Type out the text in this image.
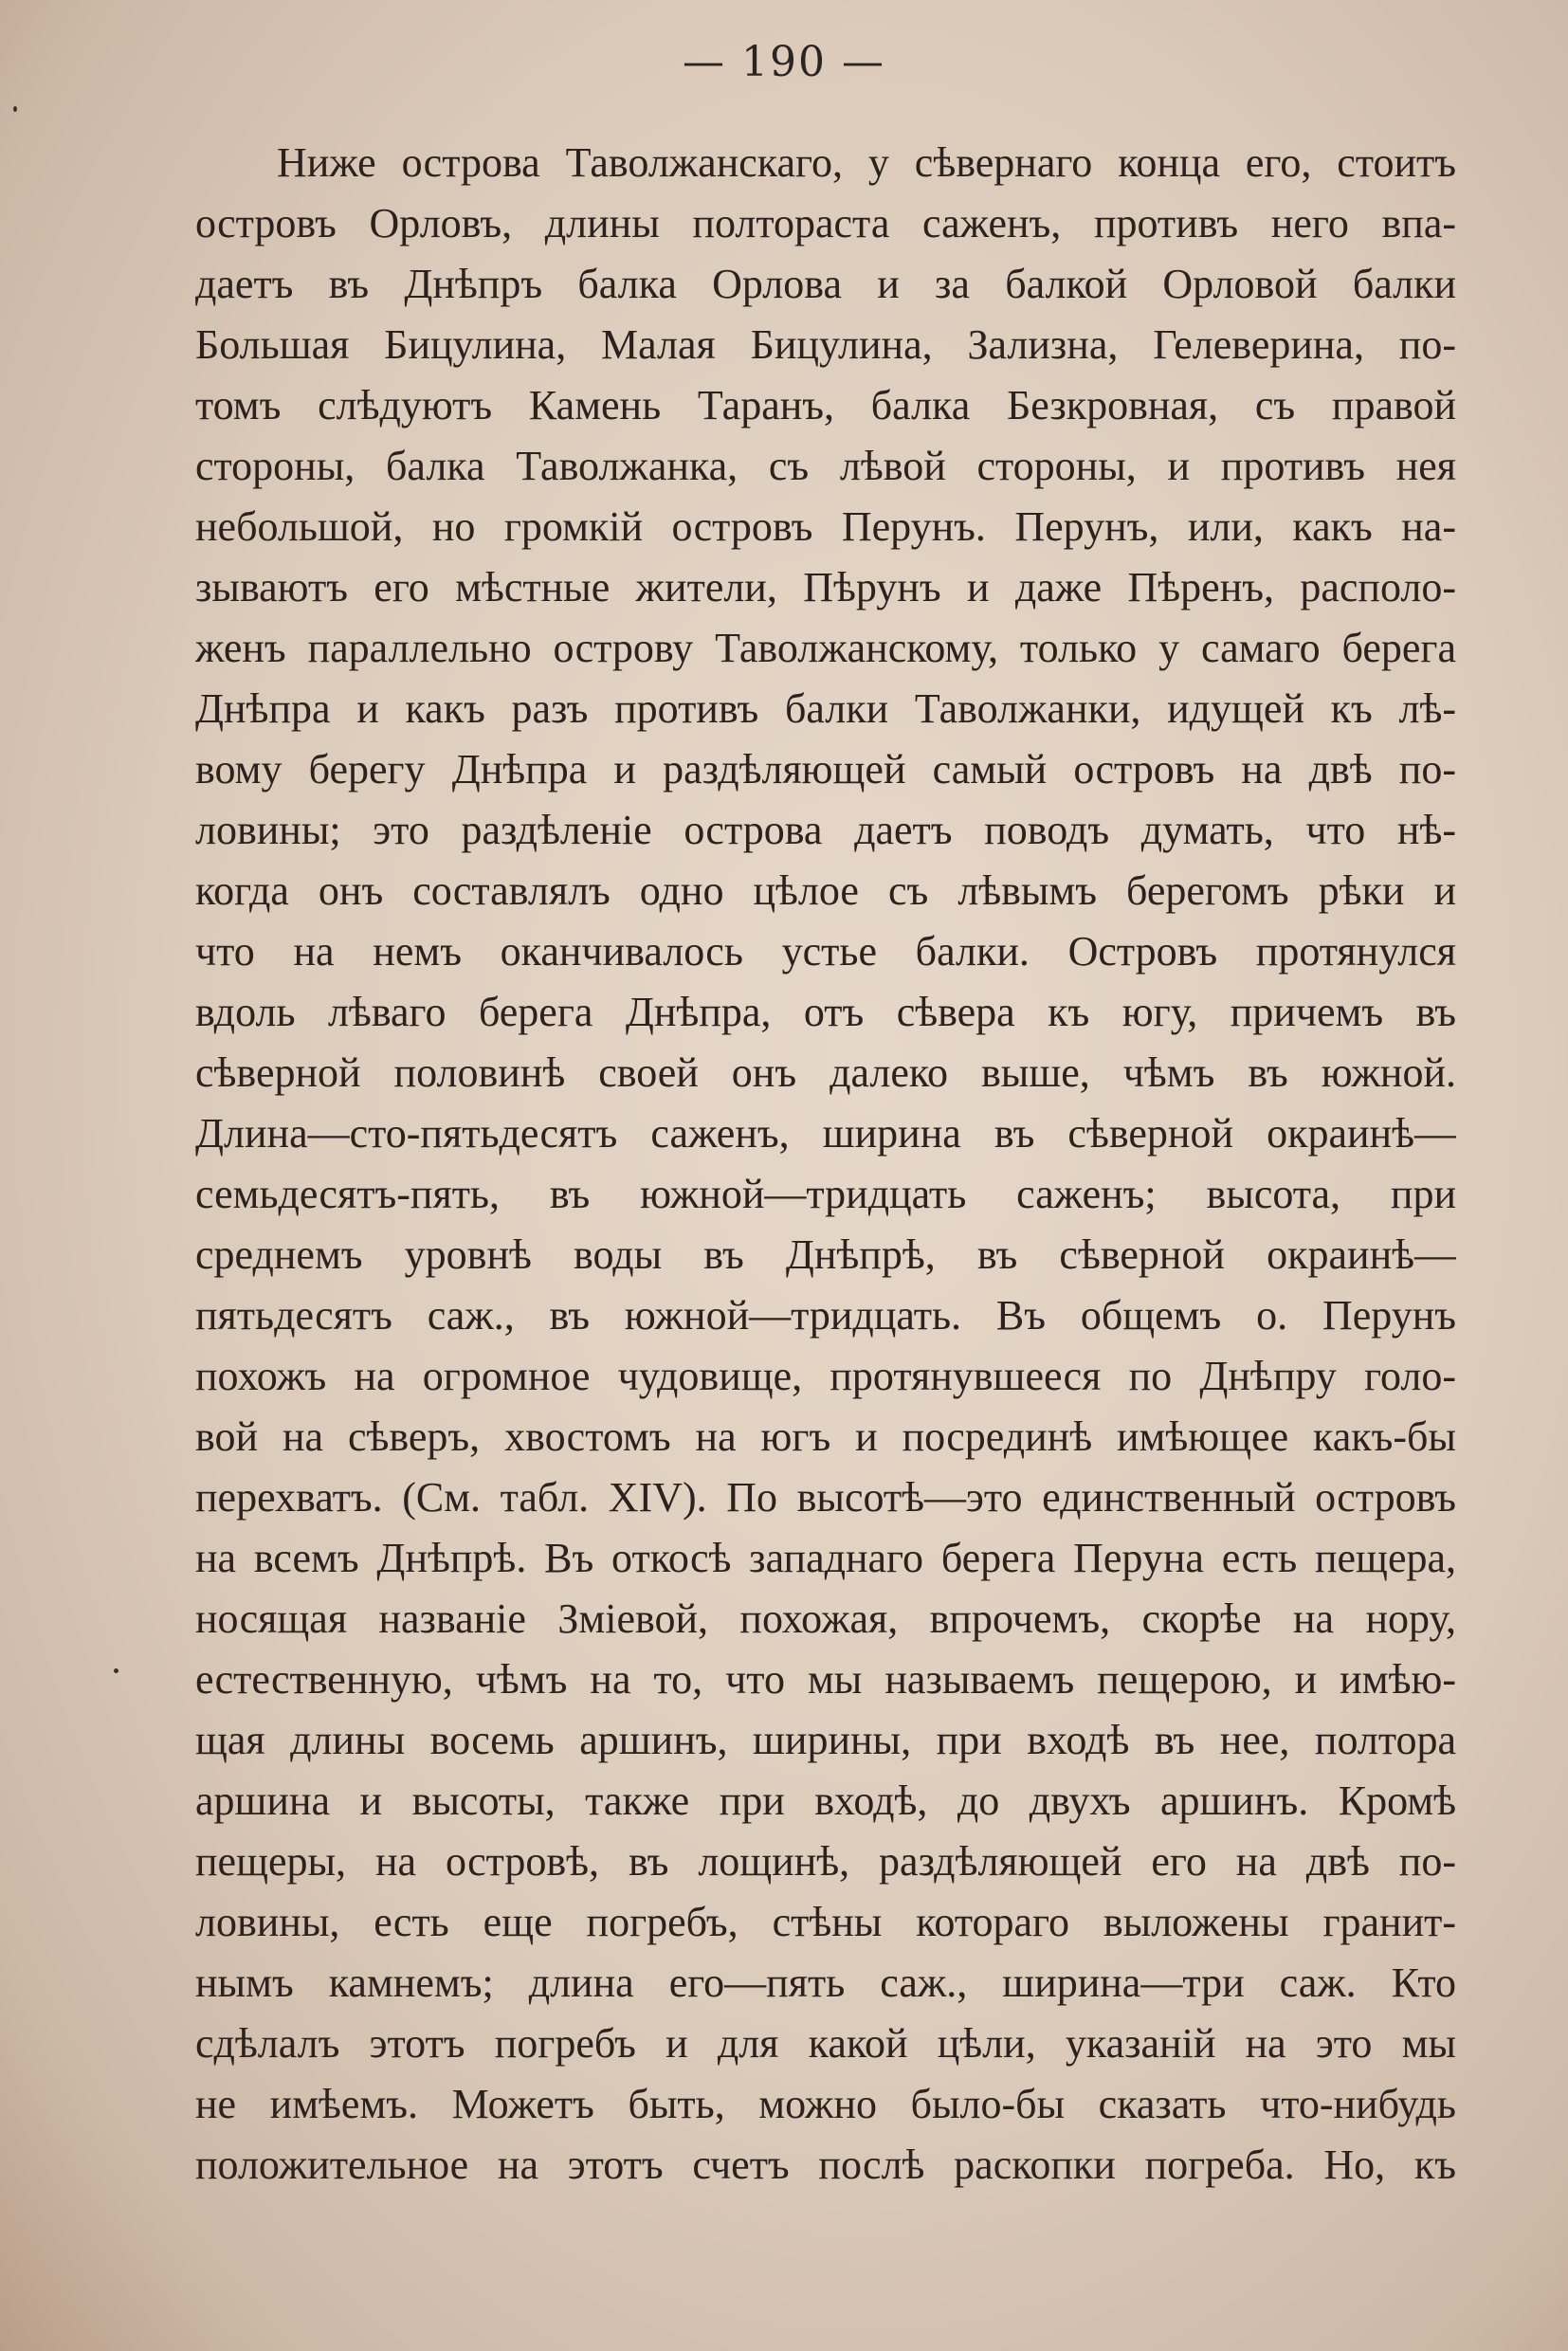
— 190 —
Ниже острова Таволжанскаго, у сѣвернаго конца его, стоитъ
островъ Орловъ, длины полтораста саженъ, противъ него впа-
даетъ въ Днѣпръ балка Орлова и за балкой Орловой балки
Большая Бицулина, Малая Бицулина, Зализна, Гелеверина, по-
томъ слѣдуютъ Камень Таранъ, балка Безкровная, съ правой
стороны, балка Таволжанка, съ лѣвой стороны, и противъ нея
небольшой, но громкій островъ Перунъ. Перунъ, или, какъ на-
зываютъ его мѣстные жители, Пѣрунъ и даже Пѣренъ, располо-
женъ параллельно острову Таволжанскому, только у самаго берега
Днѣпра и какъ разъ противъ балки Таволжанки, идущей къ лѣ-
вому берегу Днѣпра и раздѣляющей самый островъ на двѣ по-
ловины; это раздѣленіе острова даетъ поводъ думать, что нѣ-
когда онъ составлялъ одно цѣлое съ лѣвымъ берегомъ рѣки и
что на немъ оканчивалось устье балки. Островъ протянулся
вдоль лѣваго берега Днѣпра, отъ сѣвера къ югу, причемъ въ
сѣверной половинѣ своей онъ далеко выше, чѣмъ въ южной.
Длина—сто-пятьдесятъ саженъ, ширина въ сѣверной окраинѣ—
семьдесятъ-пять, въ южной—тридцать саженъ; высота, при
среднемъ уровнѣ воды въ Днѣпрѣ, въ сѣверной окраинѣ—
пятьдесятъ саж., въ южной—тридцать. Въ общемъ о. Перунъ
похожъ на огромное чудовище, протянувшееся по Днѣпру голо-
вой на сѣверъ, хвостомъ на югъ и посрединѣ имѣющее какъ-бы
перехватъ. (См. табл. XIV). По высотѣ—это единственный островъ
на всемъ Днѣпрѣ. Въ откосѣ западнаго берега Перуна есть пещера,
носящая названіе Зміевой, похожая, впрочемъ, скорѣе на нору,
естественную, чѣмъ на то, что мы называемъ пещерою, и имѣю-
щая длины восемь аршинъ, ширины, при входѣ въ нее, полтора
аршина и высоты, также при входѣ, до двухъ аршинъ. Кромѣ
пещеры, на островѣ, въ лощинѣ, раздѣляющей его на двѣ по-
ловины, есть еще погребъ, стѣны котораго выложены гранит-
нымъ камнемъ; длина его—пять саж., ширина—три саж. Кто
сдѣлалъ этотъ погребъ и для какой цѣли, указаній на это мы
не имѣемъ. Можетъ быть, можно было-бы сказать что-нибудь
положительное на этотъ счетъ послѣ раскопки погреба. Но, къ
